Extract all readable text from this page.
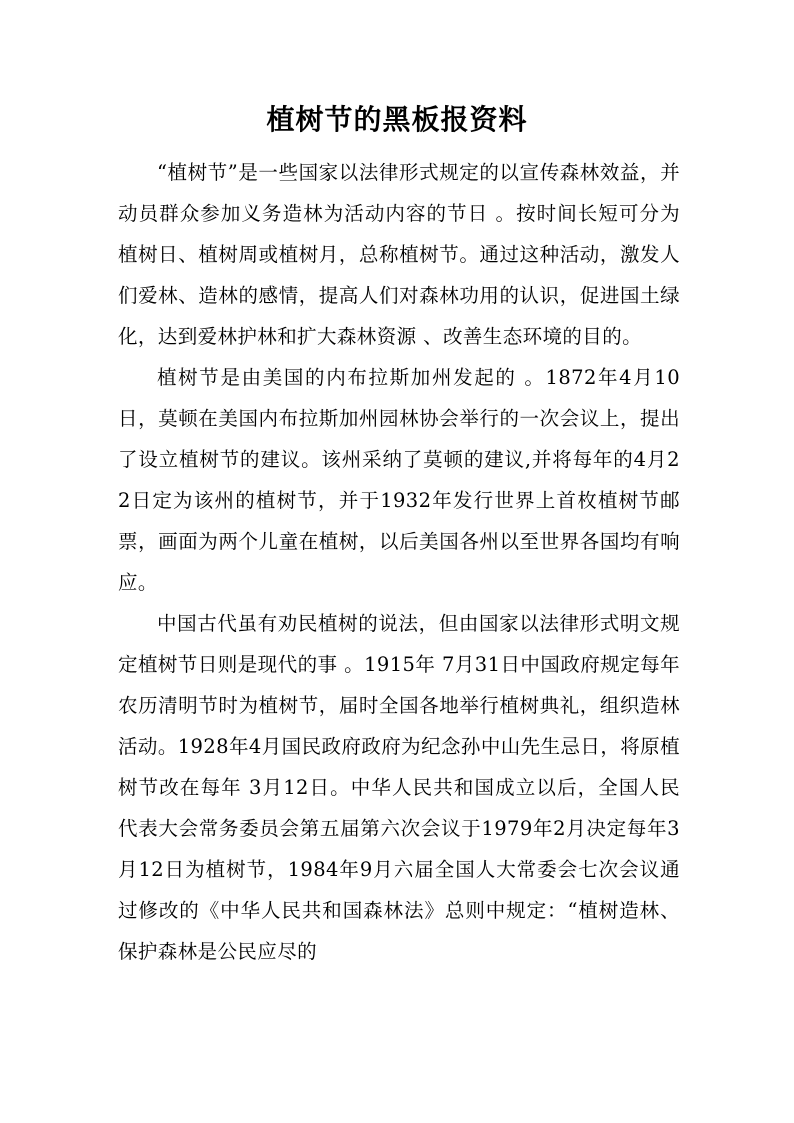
植树节的黑板报资料

“植树节”是一些国家以法律形式规定的以宣传森林效益，并动员群众参加义务造林为活动内容的节日 。按时间长短可分为植树日、植树周或植树月，总称植树节。通过这种活动，激发人们爱林、造林的感情，提高人们对森林功用的认识，促进国土绿化，达到爱林护林和扩大森林资源 、改善生态环境的目的。

植树节是由美国的内布拉斯加州发起的 。1872年4月10日，莫顿在美国内布拉斯加州园林协会举行的一次会议上，提出了设立植树节的建议。该州采纳了莫顿的建议,并将每年的4月22日定为该州的植树节，并于1932年发行世界上首枚植树节邮票，画面为两个儿童在植树，以后美国各州以至世界各国均有响应。

中国古代虽有劝民植树的说法，但由国家以法律形式明文规定植树节日则是现代的事 。1915年 7月31日中国政府规定每年农历清明节时为植树节，届时全国各地举行植树典礼，组织造林活动。1928年4月国民政府政府为纪念孙中山先生忌日，将原植树节改在每年 3月12日。中华人民共和国成立以后，全国人民代表大会常务委员会第五届第六次会议于1979年2月决定每年3月12日为植树节，1984年9月六届全国人大常委会七次会议通过修改的《中华人民共和国森林法》总则中规定：“植树造林、保护森林是公民应尽的
